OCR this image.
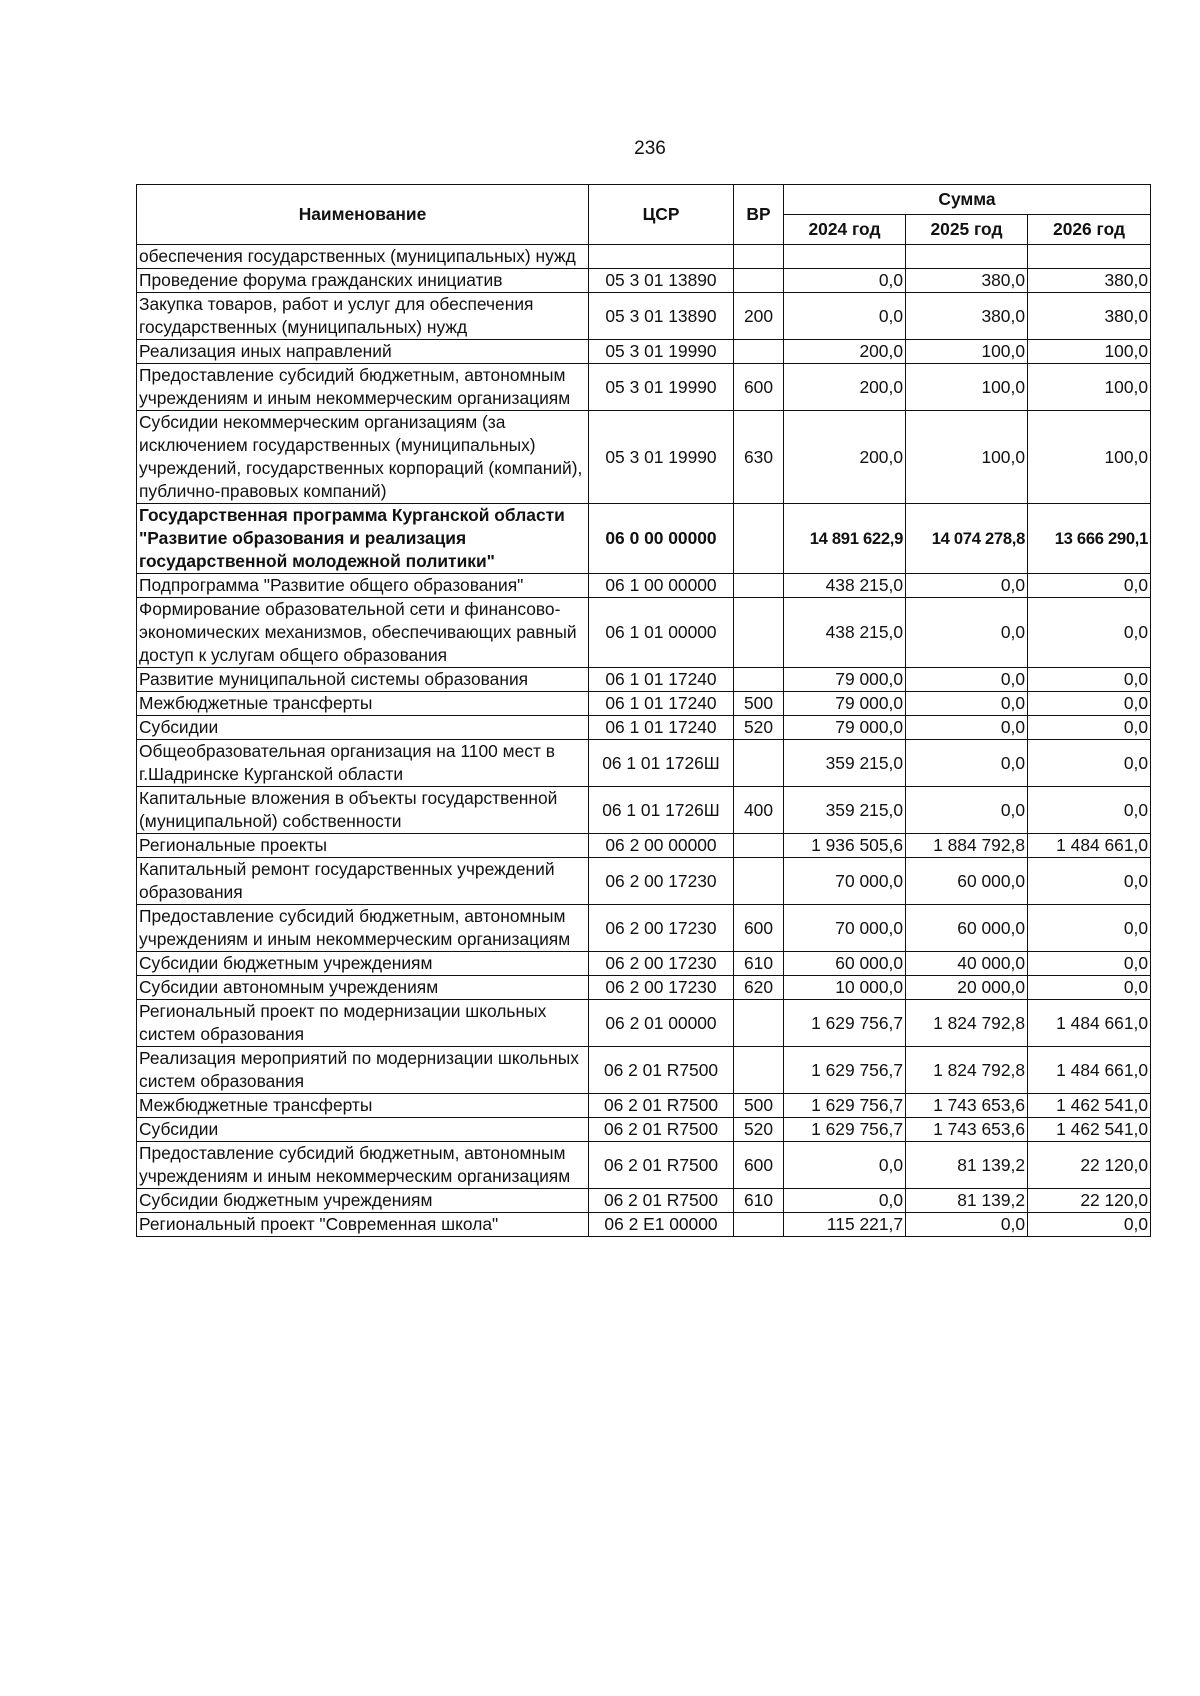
236
Наименование	ЦСР	ВР	Сумма		
			2024 год	2025 год	2026 год
обеспечения государственных (муниципальных) нужд					
Проведение форума гражданских инициатив	05 3 01 13890		0,0	380,0	380,0
Закупка товаров, работ и услуг для обеспечения государственных (муниципальных) нужд	05 3 01 13890	200	0,0	380,0	380,0
Реализация иных направлений	05 3 01 19990		200,0	100,0	100,0
Предоставление субсидий бюджетным, автономным учреждениям и иным некоммерческим организациям	05 3 01 19990	600	200,0	100,0	100,0
Субсидии некоммерческим организациям (за исключением государственных (муниципальных) учреждений, государственных корпораций (компаний), публично-правовых компаний)	05 3 01 19990	630	200,0	100,0	100,0
Государственная программа Курганской области "Развитие образования и реализация государственной молодежной политики"	06 0 00 00000		14 891 622,9	14 074 278,8	13 666 290,1
Подпрограмма "Развитие общего образования"	06 1 00 00000		438 215,0	0,0	0,0
Формирование образовательной сети и финансово-экономических механизмов, обеспечивающих равный доступ к услугам общего образования	06 1 01 00000		438 215,0	0,0	0,0
Развитие муниципальной системы образования	06 1 01 17240		79 000,0	0,0	0,0
Межбюджетные трансферты	06 1 01 17240	500	79 000,0	0,0	0,0
Субсидии	06 1 01 17240	520	79 000,0	0,0	0,0
Общеобразовательная организация на 1100 мест в г.Шадринске Курганской области	06 1 01 1726Ш		359 215,0	0,0	0,0
Капитальные вложения в объекты государственной (муниципальной) собственности	06 1 01 1726Ш	400	359 215,0	0,0	0,0
Региональные проекты	06 2 00 00000		1 936 505,6	1 884 792,8	1 484 661,0
Капитальный ремонт государственных учреждений образования	06 2 00 17230		70 000,0	60 000,0	0,0
Предоставление субсидий бюджетным, автономным учреждениям и иным некоммерческим организациям	06 2 00 17230	600	70 000,0	60 000,0	0,0
Субсидии бюджетным учреждениям	06 2 00 17230	610	60 000,0	40 000,0	0,0
Субсидии автономным учреждениям	06 2 00 17230	620	10 000,0	20 000,0	0,0
Региональный проект по модернизации школьных систем образования	06 2 01 00000		1 629 756,7	1 824 792,8	1 484 661,0
Реализация мероприятий по модернизации школьных систем образования	06 2 01 R7500		1 629 756,7	1 824 792,8	1 484 661,0
Межбюджетные трансферты	06 2 01 R7500	500	1 629 756,7	1 743 653,6	1 462 541,0
Субсидии	06 2 01 R7500	520	1 629 756,7	1 743 653,6	1 462 541,0
Предоставление субсидий бюджетным, автономным учреждениям и иным некоммерческим организациям	06 2 01 R7500	600	0,0	81 139,2	22 120,0
Субсидии бюджетным учреждениям	06 2 01 R7500	610	0,0	81 139,2	22 120,0
Региональный проект "Современная школа"	06 2 E1 00000		115 221,7	0,0	0,0
